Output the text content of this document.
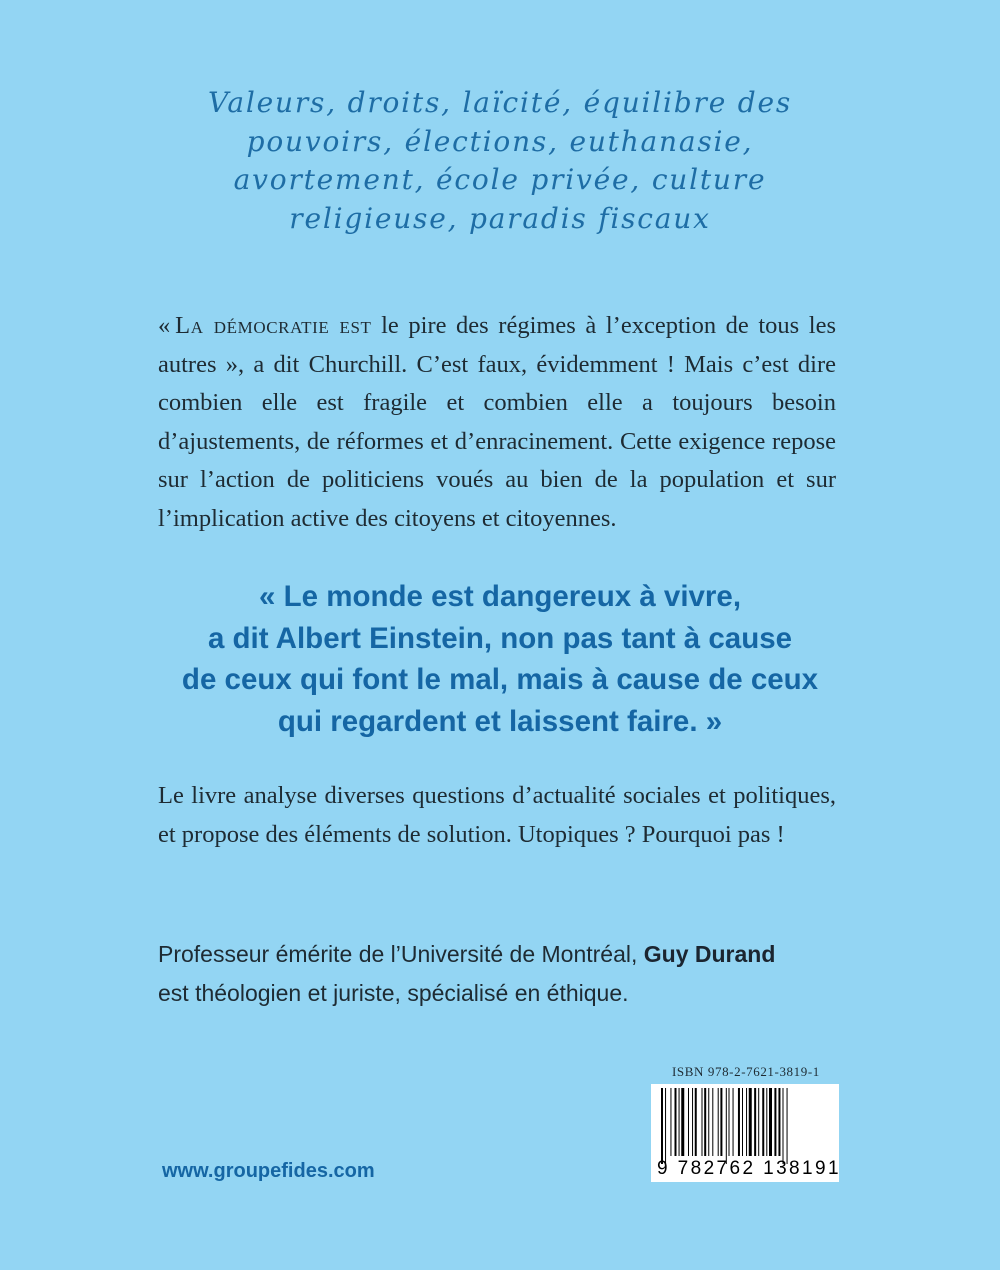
Valeurs, droits, laïcité, équilibre des
pouvoirs, élections, euthanasie,
avortement, école privée, culture
religieuse, paradis fiscaux

«  La démocratie est le pire des régimes à l’exception de tous les autres », a dit Churchill. C’est faux, évidemment ! Mais c’est dire combien elle est fragile et combien elle a toujours besoin d’ajustements, de réformes et d’enracinement. Cette exigence repose sur l’action de politiciens voués au bien de la population et sur l’implication active des citoyens et citoyennes.

« Le monde est dangereux à vivre,
a dit Albert Einstein, non pas tant à cause
de ceux qui font le mal, mais à cause de ceux
qui regardent et laissent faire. »

Le livre analyse diverses questions d’actualité sociales et politiques, et propose des éléments de solution. Utopiques ? Pourquoi pas !

Professeur émérite de l’Université de Montréal, Guy Durand
est théologien et juriste, spécialisé en éthique.
ISBN 978-2-7621-3819-1
9 782762 138191
www.groupefides.com
